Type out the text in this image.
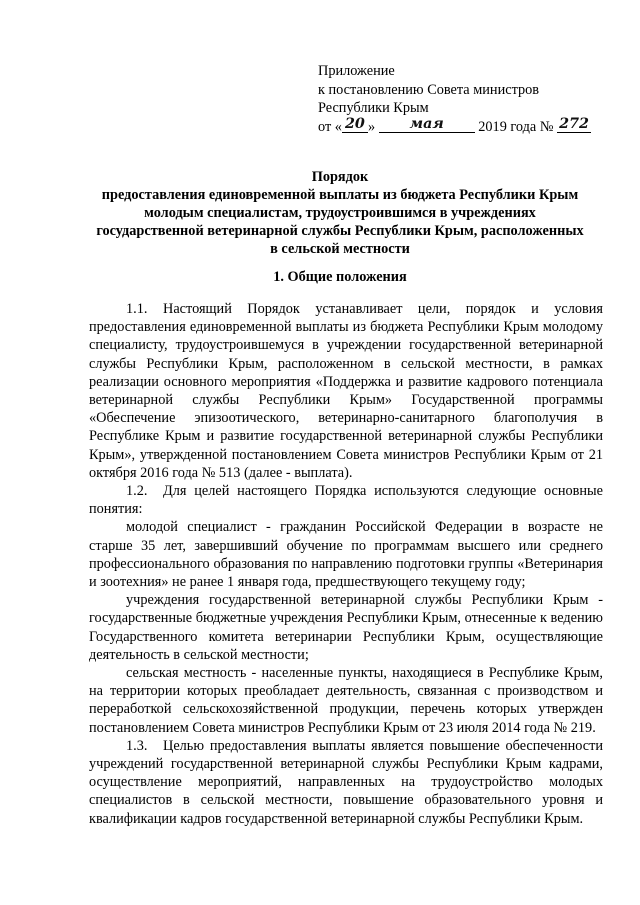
Приложение
к постановлению Совета министров
Республики Крым
от « 20 » мая 2019 года № 272
Порядок
предоставления единовременной выплаты из бюджета Республики Крым
молодым специалистам, трудоустроившимся в учреждениях
государственной ветеринарной службы Республики Крым, расположенных
в сельской местности
1. Общие положения

1.1. Настоящий Порядок устанавливает цели, порядок и условия предоставления единовременной выплаты из бюджета Республики Крым молодому специалисту, трудоустроившемуся в учреждении государственной ветеринарной службы Республики Крым, расположенном в сельской местности, в рамках реализации основного мероприятия «Поддержка и развитие кадрового потенциала ветеринарной службы Республики Крым» Государственной программы «Обеспечение эпизоотического, ветеринарно-санитарного благополучия в Республике Крым и развитие государственной ветеринарной службы Республики Крым», утвержденной постановлением Совета министров Республики Крым от 21 октября 2016 года № 513 (далее - выплата).

1.2. Для целей настоящего Порядка используются следующие основные понятия:

молодой специалист - гражданин Российской Федерации в возрасте не старше 35 лет, завершивший обучение по программам высшего или среднего профессионального образования по направлению подготовки группы «Ветеринария и зоотехния» не ранее 1 января года, предшествующего текущему году;

учреждения государственной ветеринарной службы Республики Крым - государственные бюджетные учреждения Республики Крым, отнесенные к ведению Государственного комитета ветеринарии Республики Крым, осуществляющие деятельность в сельской местности;

сельская местность - населенные пункты, находящиеся в Республике Крым, на территории которых преобладает деятельность, связанная с производством и переработкой сельскохозяйственной продукции, перечень которых утвержден постановлением Совета министров Республики Крым от 23 июля 2014 года № 219.

1.3. Целью предоставления выплаты является повышение обеспеченности учреждений государственной ветеринарной службы Республики Крым кадрами, осуществление мероприятий, направленных на трудоустройство молодых специалистов в сельской местности, повышение образовательного уровня и квалификации кадров государственной ветеринарной службы Республики Крым.
